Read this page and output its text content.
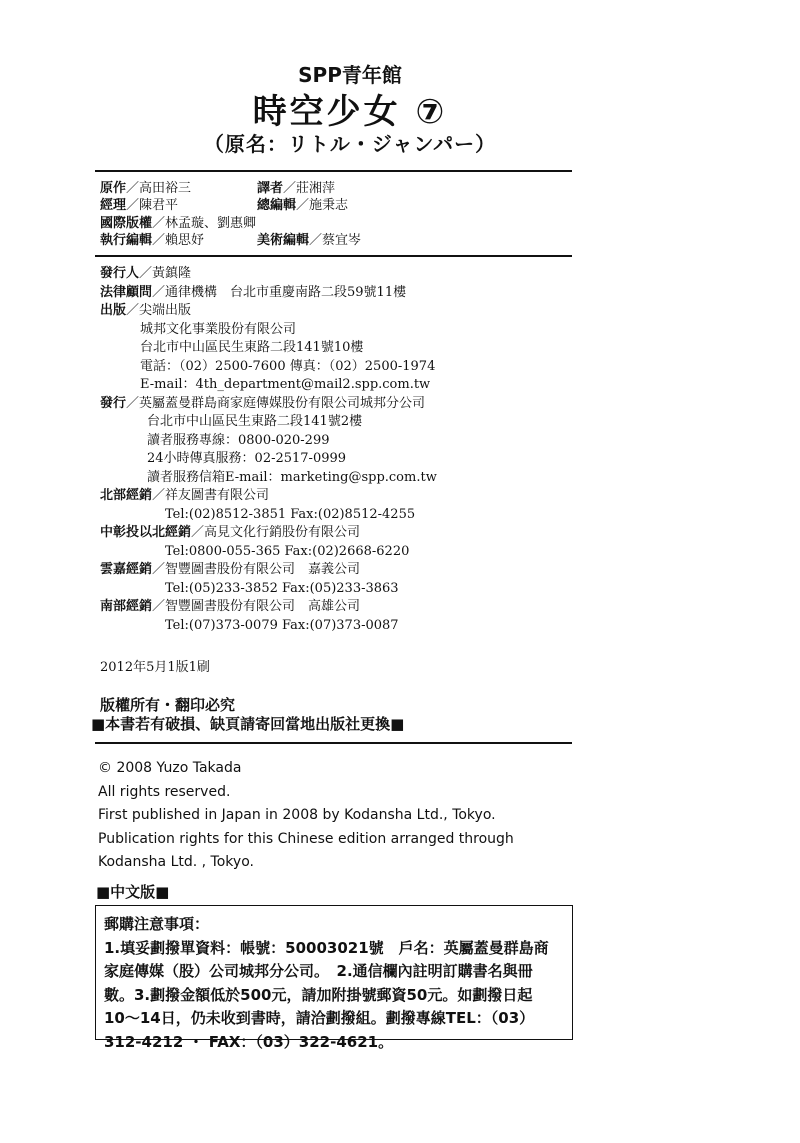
SPP青年館
時空少女 ⑦
（原名：リトル・ジャンパー）
原作／高田裕三	譯者／莊湘萍
經理／陳君平	總編輯／施秉志
國際版權／林孟璇、劉惠卿
執行編輯／賴思妤	美術編輯／蔡宜岑
發行人／黃鎮隆
法律顧問／通律機構　台北市重慶南路二段59號11樓
出版／尖端出版
城邦文化事業股份有限公司
台北市中山區民生東路二段141號10樓
電話：（02）2500-7600 傳真：（02）2500-1974
E-mail：4th_department@mail2.spp.com.tw
發行／英屬蓋曼群島商家庭傳媒股份有限公司城邦分公司
台北市中山區民生東路二段141號2樓
讀者服務專線：0800-020-299
24小時傳真服務：02-2517-0999
讀者服務信箱E-mail：marketing@spp.com.tw
北部經銷／祥友圖書有限公司
Tel:(02)8512-3851 Fax:(02)8512-4255
中彰投以北經銷／高見文化行銷股份有限公司
Tel:0800-055-365 Fax:(02)2668-6220
雲嘉經銷／智豐圖書股份有限公司　嘉義公司
Tel:(05)233-3852 Fax:(05)233-3863
南部經銷／智豐圖書股份有限公司　高雄公司
Tel:(07)373-0079 Fax:(07)373-0087
2012年5月1版1刷
版權所有・翻印必究
■本書若有破損、缺頁請寄回當地出版社更換■
© 2008 Yuzo Takada
All rights reserved.
First published in Japan in 2008 by Kodansha Ltd., Tokyo.
Publication rights for this Chinese edition arranged through
Kodansha Ltd. , Tokyo.
■中文版■
郵購注意事項：
1.填妥劃撥單資料：帳號：50003021號　戶名：英屬蓋曼群島商
家庭傳媒（股）公司城邦分公司。　2.通信欄內註明訂購書名與冊
數。3.劃撥金額低於500元，請加附掛號郵資50元。如劃撥日起
10～14日，仍未收到書時，請洽劃撥組。劃撥專線TEL：（03）
312-4212 ・ FAX：（03）322-4621。
